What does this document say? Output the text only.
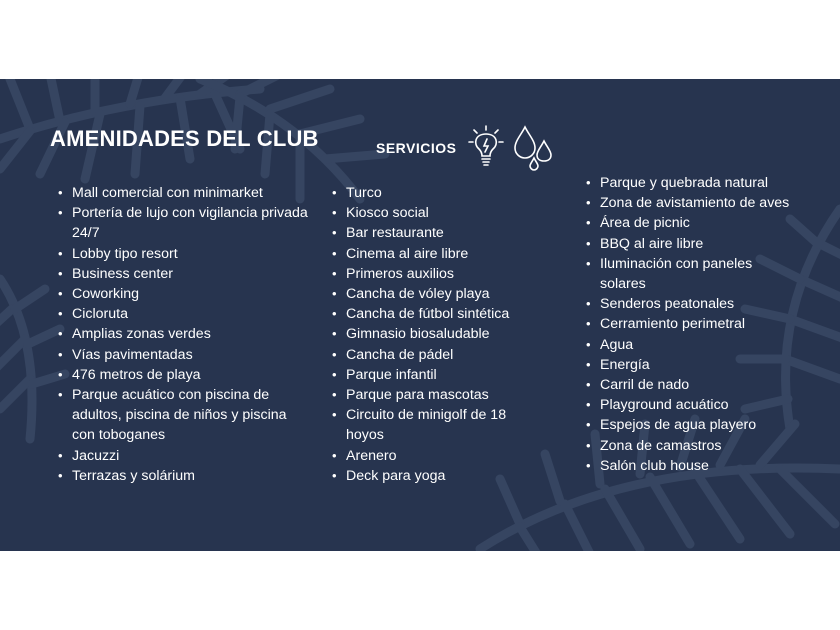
AMENIDADES DEL CLUB	SERVICIOS
• Mall comercial con minimarket
• Portería de lujo con vigilancia privada 24/7
• Lobby tipo resort
• Business center
• Coworking
• Cicloruta
• Amplias zonas verdes
• Vías pavimentadas
• 476 metros de playa
• Parque acuático con piscina de adultos, piscina de niños y piscina con toboganes
• Jacuzzi
• Terrazas y solárium
• Turco
• Kiosco social
• Bar restaurante
• Cinema al aire libre
• Primeros auxilios
• Cancha de vóley playa
• Cancha de fútbol sintética
• Gimnasio biosaludable
• Cancha de pádel
• Parque infantil
• Parque para mascotas
• Circuito de minigolf de 18 hoyos
• Arenero
• Deck para yoga
• Parque y quebrada natural
• Zona de avistamiento de aves
• Área de picnic
• BBQ al aire libre
• Iluminación con paneles solares
• Senderos peatonales
• Cerramiento perimetral
• Agua
• Energía
• Carril de nado
• Playground acuático
• Espejos de agua playero
• Zona de camastros
• Salón club house
